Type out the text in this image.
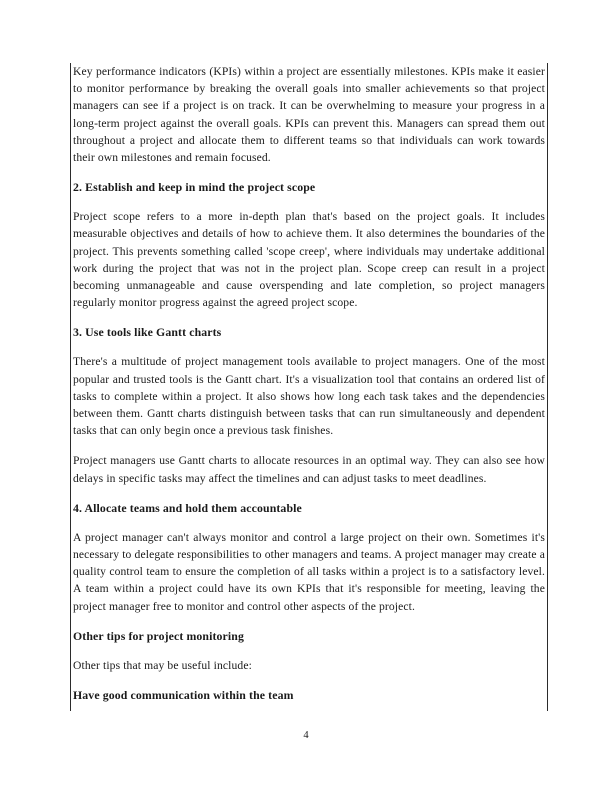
Key performance indicators (KPIs) within a project are essentially milestones. KPIs make it easier to monitor performance by breaking the overall goals into smaller achievements so that project managers can see if a project is on track. It can be overwhelming to measure your progress in a long-term project against the overall goals. KPIs can prevent this. Managers can spread them out throughout a project and allocate them to different teams so that individuals can work towards their own milestones and remain focused.

2. Establish and keep in mind the project scope

Project scope refers to a more in-depth plan that's based on the project goals. It includes measurable objectives and details of how to achieve them. It also determines the boundaries of the project. This prevents something called 'scope creep', where individuals may undertake additional work during the project that was not in the project plan. Scope creep can result in a project becoming unmanageable and cause overspending and late completion, so project managers regularly monitor progress against the agreed project scope.

3. Use tools like Gantt charts

There's a multitude of project management tools available to project managers. One of the most popular and trusted tools is the Gantt chart. It's a visualization tool that contains an ordered list of tasks to complete within a project. It also shows how long each task takes and the dependencies between them. Gantt charts distinguish between tasks that can run simultaneously and dependent tasks that can only begin once a previous task finishes.

Project managers use Gantt charts to allocate resources in an optimal way. They can also see how delays in specific tasks may affect the timelines and can adjust tasks to meet deadlines.

4. Allocate teams and hold them accountable

A project manager can't always monitor and control a large project on their own. Sometimes it's necessary to delegate responsibilities to other managers and teams. A project manager may create a quality control team to ensure the completion of all tasks within a project is to a satisfactory level. A team within a project could have its own KPIs that it's responsible for meeting, leaving the project manager free to monitor and control other aspects of the project.

Other tips for project monitoring

Other tips that may be useful include:

Have good communication within the team
4
